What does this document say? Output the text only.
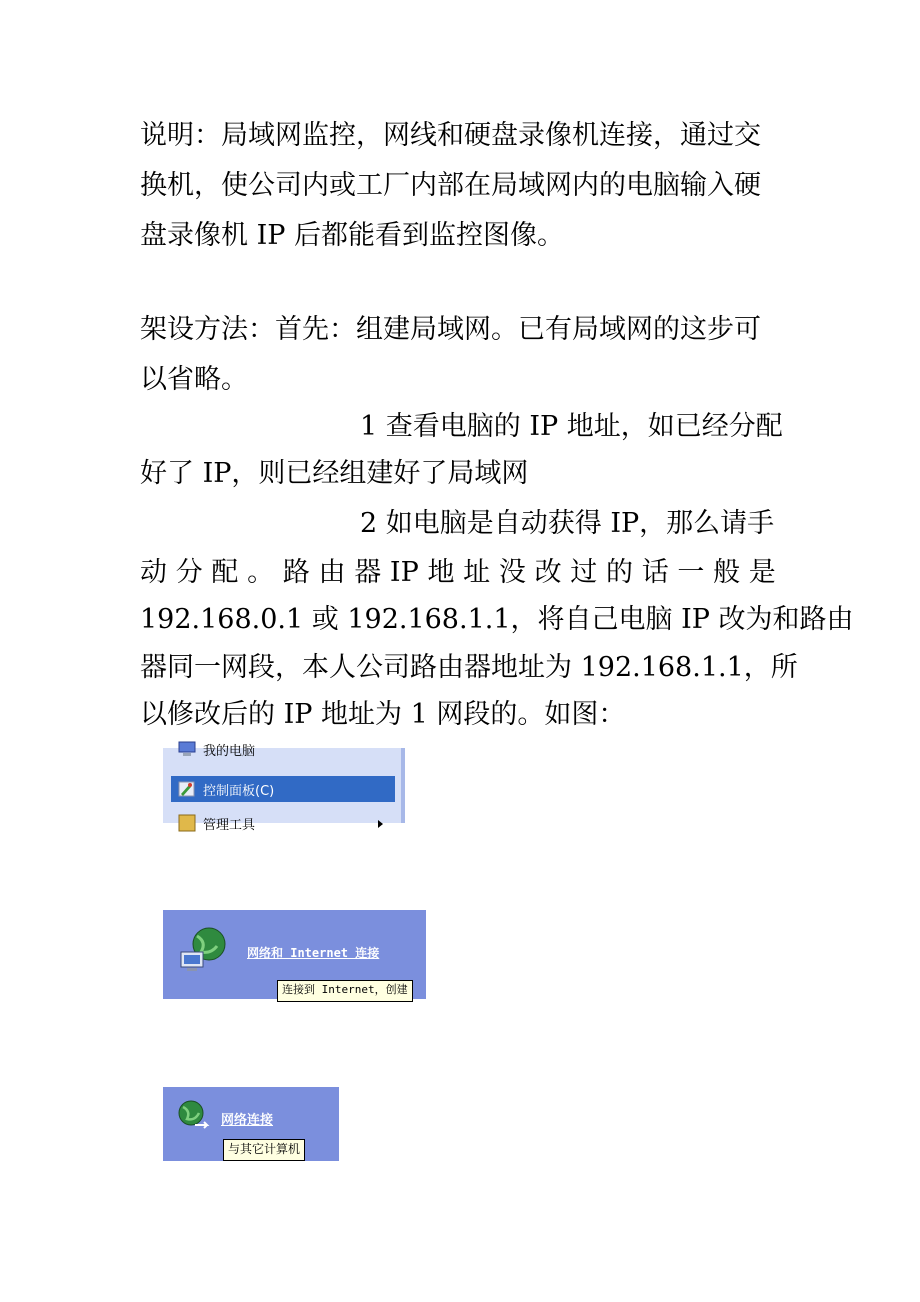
说明：局域网监控，网线和硬盘录像机连接，通过交
换机，使公司内或工厂内部在局域网内的电脑输入硬
盘录像机 IP 后都能看到监控图像。
架设方法：首先：组建局域网。已有局域网的这步可
以省略。
1 查看电脑的 IP 地址，如已经分配
好了 IP，则已经组建好了局域网
2 如电脑是自动获得 IP，那么请手
动 分 配 。 路 由 器 IP 地 址 没 改 过 的 话 一 般 是
192.168.0.1 或 192.168.1.1，将自己电脑 IP 改为和路由
器同一网段，本人公司路由器地址为 192.168.1.1，所
以修改后的 IP 地址为 1 网段的。如图：
我的电脑
控制面板(C)
管理工具
网络和 Internet 连接
连接到 Internet，创建
网络连接
与其它计算机
